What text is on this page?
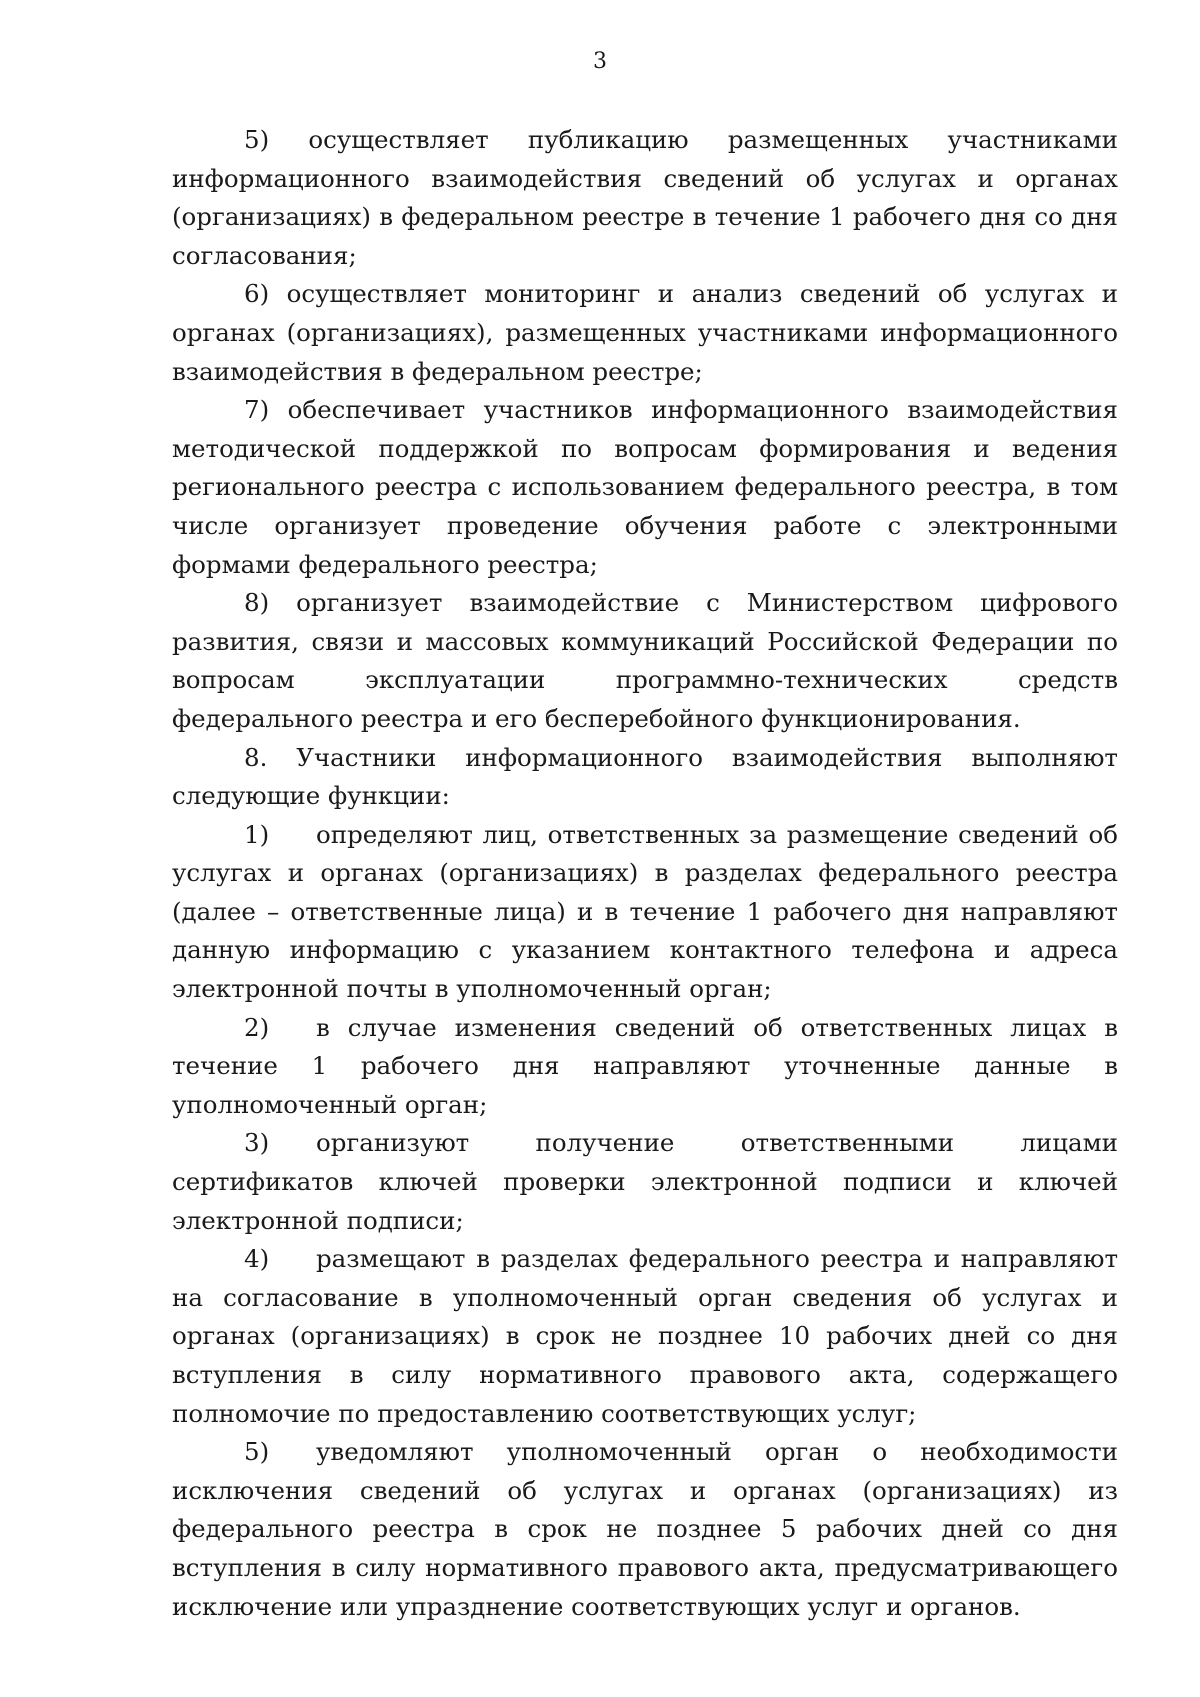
3

5) осуществляет публикацию размещенных участниками информационного взаимодействия сведений об услугах и органах (организациях) в федеральном реестре в течение 1 рабочего дня со дня согласования;

6) осуществляет мониторинг и анализ сведений об услугах и органах (организациях), размещенных участниками информационного взаимодействия в федеральном реестре;

7) обеспечивает участников информационного взаимодействия методической поддержкой по вопросам формирования и ведения регионального реестра с использованием федерального реестра, в том числе организует проведение обучения работе с электронными формами федерального реестра;

8) организует взаимодействие с Министерством цифрового развития, связи и массовых коммуникаций Российской Федерации по вопросам эксплуатации программно-технических средств федерального реестра и его бесперебойного функционирования.

8. Участники информационного взаимодействия выполняют следующие функции:

1) определяют лиц, ответственных за размещение сведений об услугах и органах (организациях) в разделах федерального реестра (далее – ответственные лица) и в течение 1 рабочего дня направляют данную информацию с указанием контактного телефона и адреса электронной почты в уполномоченный орган;

2) в случае изменения сведений об ответственных лицах в течение 1 рабочего дня направляют уточненные данные в уполномоченный орган;

3) организуют получение ответственными лицами сертификатов ключей проверки электронной подписи и ключей электронной подписи;

4) размещают в разделах федерального реестра и направляют на согласование в уполномоченный орган сведения об услугах и органах (организациях) в срок не позднее 10 рабочих дней со дня вступления в силу нормативного правового акта, содержащего полномочие по предоставлению соответствующих услуг;

5) уведомляют уполномоченный орган о необходимости исключения сведений об услугах и органах (организациях) из федерального реестра в срок не позднее 5 рабочих дней со дня вступления в силу нормативного правового акта, предусматривающего исключение или упразднение соответствующих услуг и органов.
